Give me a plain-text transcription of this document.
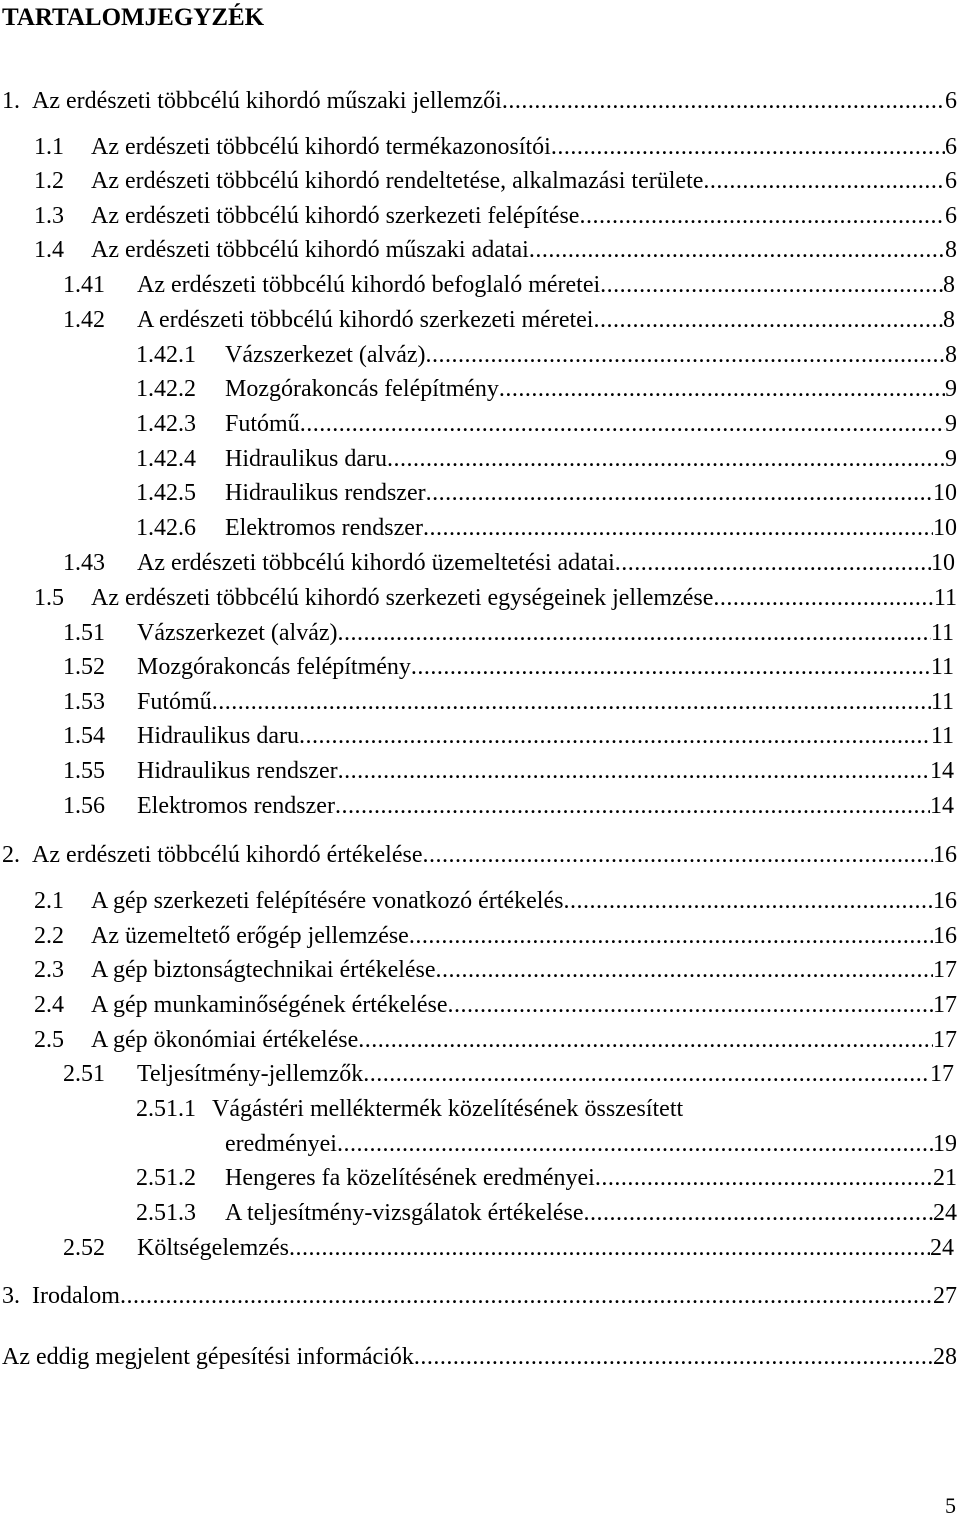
TARTALOMJEGYZÉK
1. Az erdészeti többcélú kihordó műszaki jellemzői .....	6
1.1 Az erdészeti többcélú kihordó termékazonosítói .....	6
1.2 Az erdészeti többcélú kihordó rendeltetése, alkalmazási területe .....	6
1.3 Az erdészeti többcélú kihordó szerkezeti felépítése .....	6
1.4 Az erdészeti többcélú kihordó műszaki adatai .....	8
1.41 Az erdészeti többcélú kihordó befoglaló méretei .....	8
1.42 A erdészeti többcélú kihordó szerkezeti méretei .....	8
1.42.1 Vázszerkezet (alváz) .....	8
1.42.2 Mozgórakoncás felépítmény .....	9
1.42.3 Futómű .....	9
1.42.4 Hidraulikus daru .....	9
1.42.5 Hidraulikus rendszer .....	10
1.42.6 Elektromos rendszer .....	10
1.43 Az erdészeti többcélú kihordó üzemeltetési adatai .....	10
1.5 Az erdészeti többcélú kihordó szerkezeti egységeinek jellemzése .....	11
1.51 Vázszerkezet (alváz) .....	11
1.52 Mozgórakoncás felépítmény .....	11
1.53 Futómű .....	11
1.54 Hidraulikus daru .....	11
1.55 Hidraulikus rendszer .....	14
1.56 Elektromos rendszer .....	14
2. Az erdészeti többcélú kihordó értékelése .....	16
2.1 A gép szerkezeti felépítésére vonatkozó értékelés .....	16
2.2 Az üzemeltető erőgép jellemzése .....	16
2.3 A gép biztonságtechnikai értékelése .....	17
2.4 A gép munkaminőségének értékelése .....	17
2.5 A gép ökonómiai értékelése .....	17
2.51 Teljesítmény-jellemzők .....	17
2.51.1 Vágástéri melléktermék közelítésének összesített
eredményei .....	19
2.51.2 Hengeres fa közelítésének eredményei .....	21
2.51.3 A teljesítmény-vizsgálatok értékelése .....	24
2.52 Költségelemzés .....	24
3. Irodalom .....	27
Az eddig megjelent gépesítési információk .....	28
5
